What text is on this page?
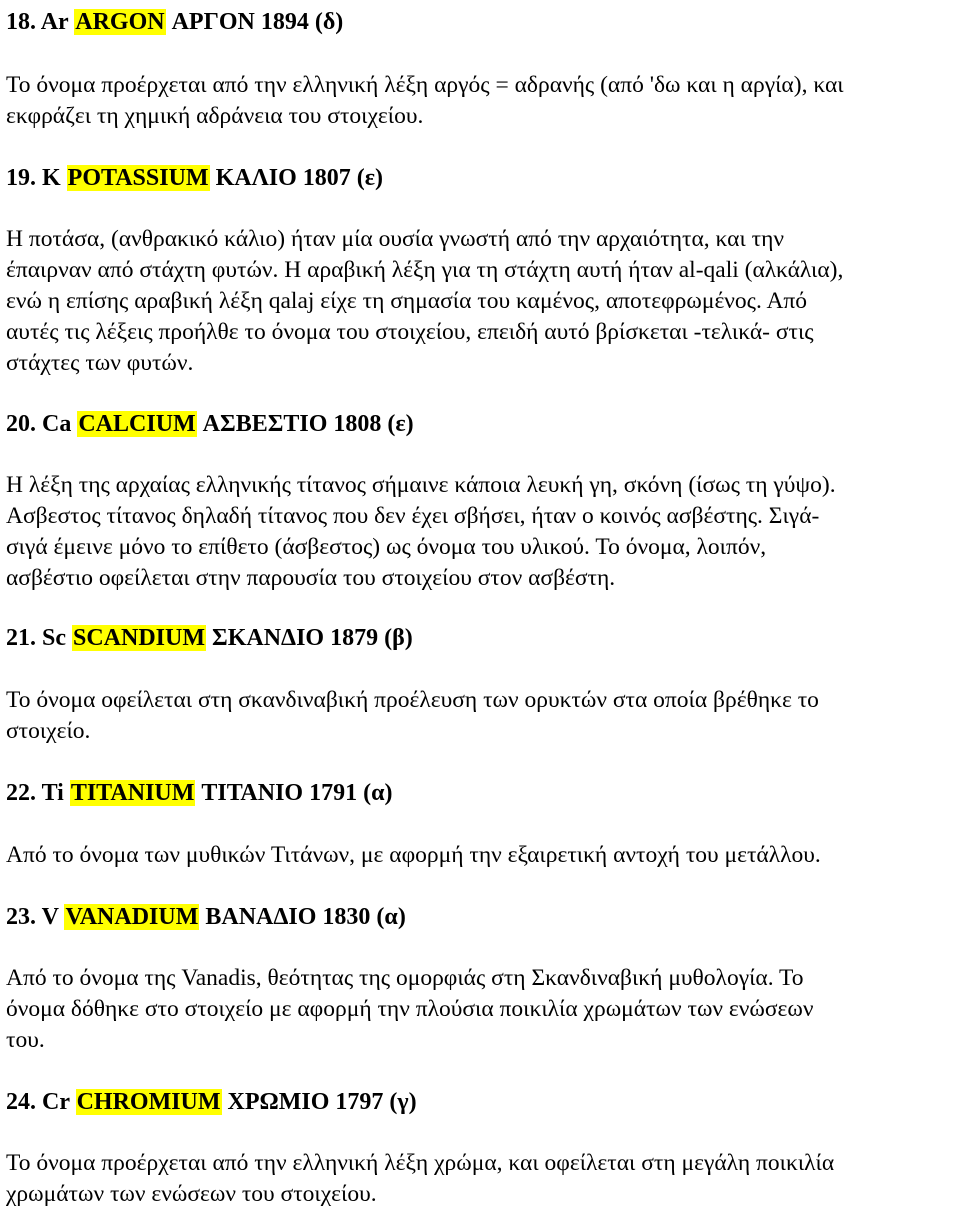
18. Ar ARGON ΑΡΓΟΝ 1894 (δ)
Το όνομα προέρχεται από την ελληνική λέξη αργός = αδρανής (από 'δω και η αργία), και
εκφράζει τη χημική αδράνεια του στοιχείου.
19. K POTASSIUM ΚΑΛΙΟ 1807 (ε)
Η ποτάσα, (ανθρακικό κάλιο) ήταν μία ουσία γνωστή από την αρχαιότητα, και την
έπαιρναν από στάχτη φυτών. Η αραβική λέξη για τη στάχτη αυτή ήταν al-qali (αλκάλια),
ενώ η επίσης αραβική λέξη qalaj είχε τη σημασία του καμένος, αποτεφρωμένος. Από
αυτές τις λέξεις προήλθε το όνομα του στοιχείου, επειδή αυτό βρίσκεται -τελικά- στις
στάχτες των φυτών.
20. Ca CALCIUM ΑΣΒΕΣΤΙΟ 1808 (ε)
Η λέξη της αρχαίας ελληνικής τίτανος σήμαινε κάποια λευκή γη, σκόνη (ίσως τη γύψο).
Ασβεστος τίτανος δηλαδή τίτανος που δεν έχει σβήσει, ήταν ο κοινός ασβέστης. Σιγά-
σιγά έμεινε μόνο το επίθετο (άσβεστος) ως όνομα του υλικού. Το όνομα, λοιπόν,
ασβέστιο οφείλεται στην παρουσία του στοιχείου στον ασβέστη.
21. Sc SCANDIUM ΣΚΑΝΔΙΟ 1879 (β)
Το όνομα οφείλεται στη σκανδιναβική προέλευση των ορυκτών στα οποία βρέθηκε το
στοιχείο.
22. Ti TITANIUM ΤΙΤΑΝΙΟ 1791 (α)
Από το όνομα των μυθικών Τιτάνων, με αφορμή την εξαιρετική αντοχή του μετάλλου.
23. V VANADIUM ΒΑΝΑΔΙΟ 1830 (α)
Από το όνομα της Vanadis, θεότητας της ομορφιάς στη Σκανδιναβική μυθολογία. Το
όνομα δόθηκε στο στοιχείο με αφορμή την πλούσια ποικιλία χρωμάτων των ενώσεων
του.
24. Cr CHROMIUM ΧΡΩΜΙΟ 1797 (γ)
Το όνομα προέρχεται από την ελληνική λέξη χρώμα, και οφείλεται στη μεγάλη ποικιλία
χρωμάτων των ενώσεων του στοιχείου.
